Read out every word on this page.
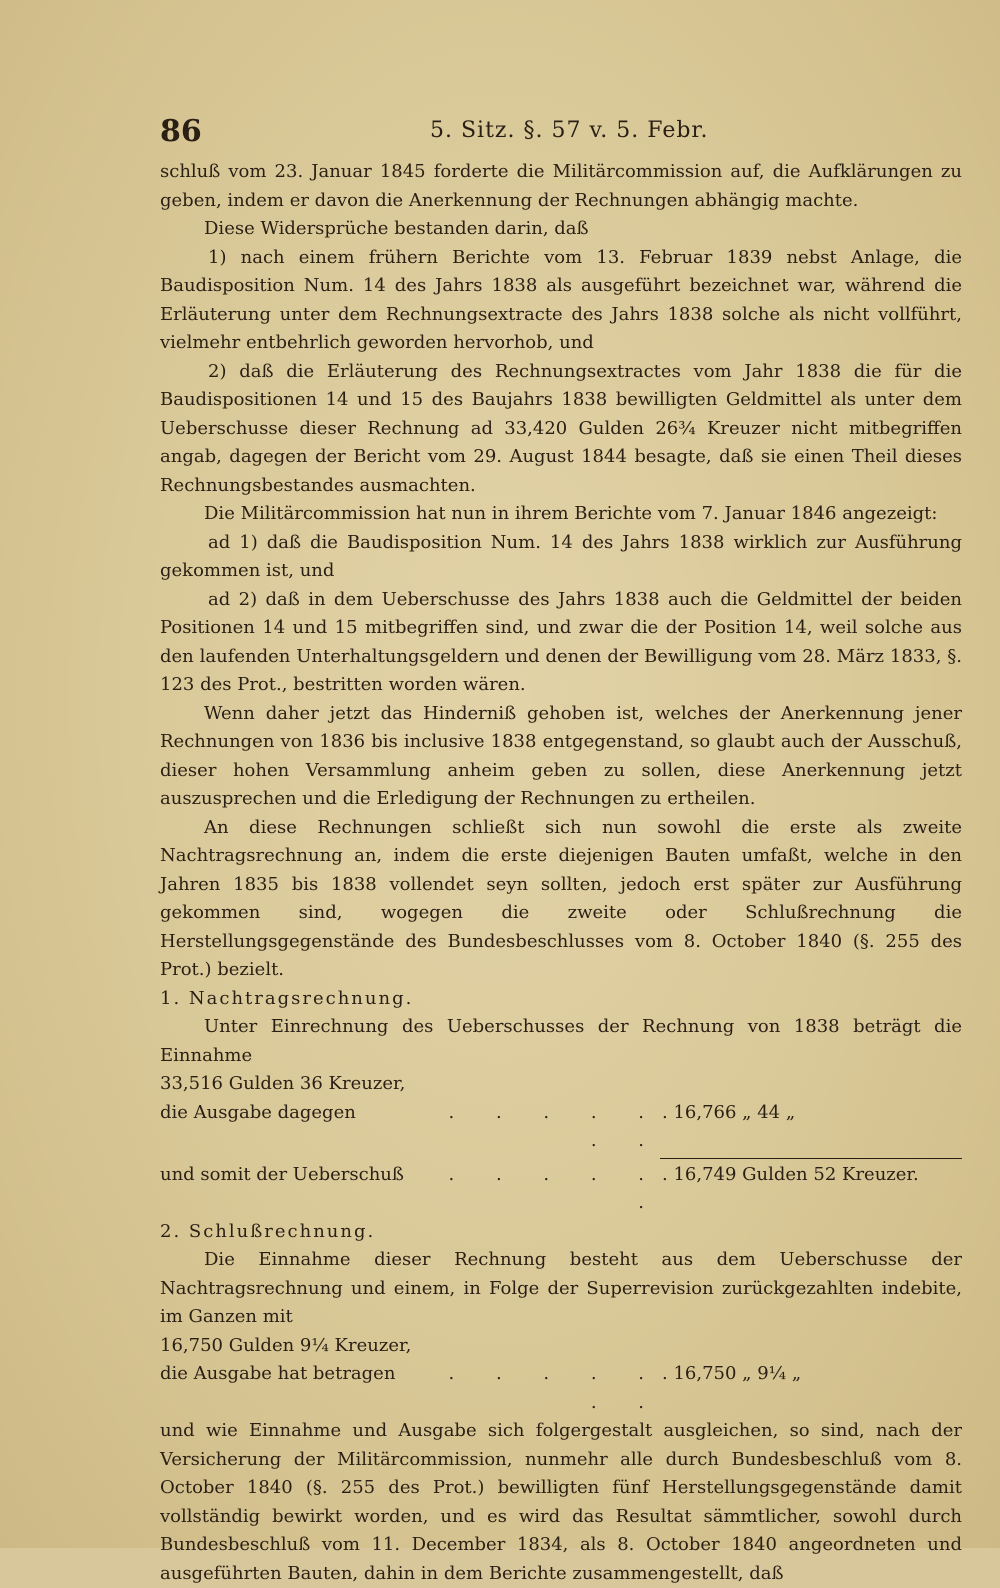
86	5. Sitz. §. 57 v. 5. Febr.

schluß vom 23. Januar 1845 forderte die Militärcommission auf, die Aufklärungen zu geben, indem er davon die Anerkennung der Rechnungen abhängig machte.

Diese Widersprüche bestanden darin, daß

1) nach einem frühern Berichte vom 13. Februar 1839 nebst Anlage, die Baudisposition Num. 14 des Jahrs 1838 als ausgeführt bezeichnet war, während die Erläuterung unter dem Rechnungsextracte des Jahrs 1838 solche als nicht vollführt, vielmehr entbehrlich geworden hervorhob, und

2) daß die Erläuterung des Rechnungsextractes vom Jahr 1838 die für die Baudispositionen 14 und 15 des Baujahrs 1838 bewilligten Geldmittel als unter dem Ueberschusse dieser Rechnung ad 33,420 Gulden 26¾ Kreuzer nicht mitbegriffen angab, dagegen der Bericht vom 29. August 1844 besagte, daß sie einen Theil dieses Rechnungsbestandes ausmachten.

Die Militärcommission hat nun in ihrem Berichte vom 7. Januar 1846 angezeigt:

ad 1) daß die Baudisposition Num. 14 des Jahrs 1838 wirklich zur Ausführung gekommen ist, und

ad 2) daß in dem Ueberschusse des Jahrs 1838 auch die Geldmittel der beiden Positionen 14 und 15 mitbegriffen sind, und zwar die der Position 14, weil solche aus den laufenden Unterhaltungsgeldern und denen der Bewilligung vom 28. März 1833, §. 123 des Prot., bestritten worden wären.

Wenn daher jetzt das Hinderniß gehoben ist, welches der Anerkennung jener Rechnungen von 1836 bis inclusive 1838 entgegenstand, so glaubt auch der Ausschuß, dieser hohen Versammlung anheim geben zu sollen, diese Anerkennung jetzt auszusprechen und die Erledigung der Rechnungen zu ertheilen.

An diese Rechnungen schließt sich nun sowohl die erste als zweite Nachtragsrechnung an, indem die erste diejenigen Bauten umfaßt, welche in den Jahren 1835 bis 1838 vollendet seyn sollten, jedoch erst später zur Ausführung gekommen sind, wogegen die zweite oder Schlußrechnung die Herstellungsgegenstände des Bundesbeschlusses vom 8. October 1840 (§. 255 des Prot.) bezielt.

1. Nachtragsrechnung.

Unter Einrechnung des Ueberschusses der Rechnung von 1838 beträgt die Einnahme

33,516 Gulden 36 Kreuzer,

die Ausgabe dagegen	. . . . . . .
. 16,766 „ 44 „
und somit der Ueberschuß	. . . . . .
. 16,749 Gulden 52 Kreuzer.

2. Schlußrechnung.

Die Einnahme dieser Rechnung besteht aus dem Ueberschusse der Nachtragsrechnung und einem, in Folge der Superrevision zurückgezahlten indebite, im Ganzen mit

16,750 Gulden 9¼ Kreuzer,

die Ausgabe hat betragen	. . . . . . .
. 16,750 „ 9¼ „

und wie Einnahme und Ausgabe sich folgergestalt ausgleichen, so sind, nach der Versicherung der Militärcommission, nunmehr alle durch Bundesbeschluß vom 8. October 1840 (§. 255 des Prot.) bewilligten fünf Herstellungsgegenstände damit vollständig bewirkt worden, und es wird das Resultat sämmtlicher, sowohl durch Bundesbeschluß vom 11. December 1834, als 8. October 1840 angeordneten und ausgeführten Bauten, dahin in dem Berichte zusammengestellt, daß
